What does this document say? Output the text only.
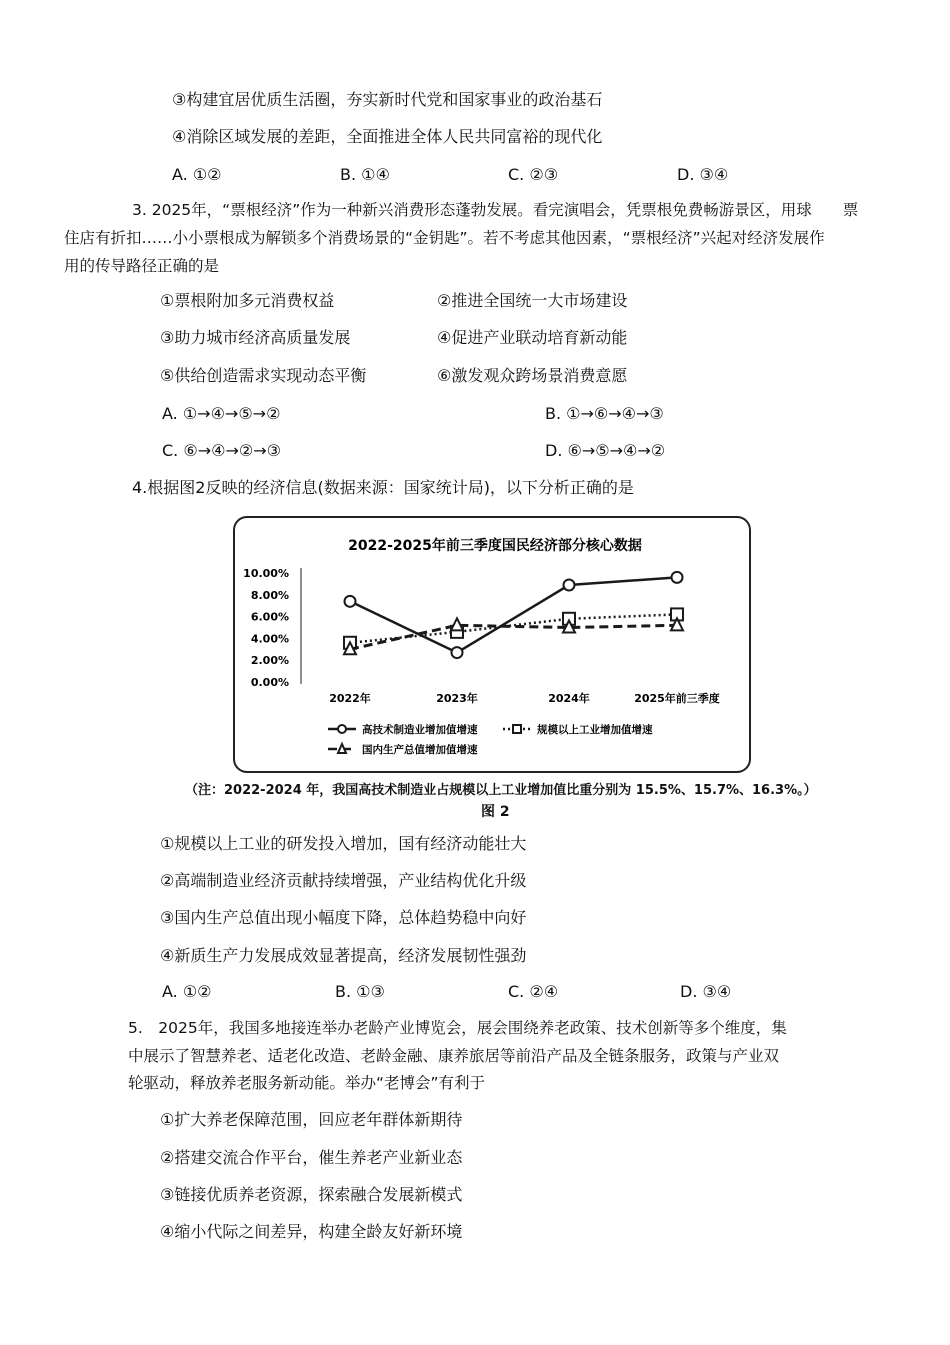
③构建宜居优质生活圈，夯实新时代党和国家事业的政治基石
④消除区域发展的差距，全面推进全体人民共同富裕的现代化
A. ①②	B. ①④	C. ②③	D. ③④
3. 2025年，“票根经济”作为一种新兴消费形态蓬勃发展。看完演唱会，凭票根免费畅游景区，用球　　票
住店有折扣……小小票根成为解锁多个消费场景的“金钥匙”。若不考虑其他因素，“票根经济”兴起对经济发展作
用的传导路径正确的是
①票根附加多元消费权益	②推进全国统一大市场建设
③助力城市经济高质量发展	④促进产业联动培育新动能
⑤供给创造需求实现动态平衡	⑥激发观众跨场景消费意愿
A. ①→④→⑤→②	B. ①→⑥→④→③
C. ⑥→④→②→③	D. ⑥→⑤→④→②
4.根据图2反映的经济信息(数据来源：国家统计局)，以下分析正确的是
2022-2025年前三季度国民经济部分核心数据
10.00%
8.00%
6.00%
4.00%
2.00%
0.00%
2022年	2023年	2024年	2025年前三季度
高技术制造业增加值增速	规模以上工业增加值增速
国内生产总值增加值增速
（注：2022-2024 年，我国高技术制造业占规模以上工业增加值比重分别为 15.5%、15.7%、16.3%。）
图 2
①规模以上工业的研发投入增加，国有经济动能壮大
②高端制造业经济贡献持续增强，产业结构优化升级
③国内生产总值出现小幅度下降，总体趋势稳中向好
④新质生产力发展成效显著提高，经济发展韧性强劲
A. ①②	B. ①③	C. ②④	D. ③④
5.　2025年，我国多地接连举办老龄产业博览会，展会围绕养老政策、技术创新等多个维度，集
中展示了智慧养老、适老化改造、老龄金融、康养旅居等前沿产品及全链条服务，政策与产业双
轮驱动，释放养老服务新动能。举办“老博会”有利于
①扩大养老保障范围，回应老年群体新期待
②搭建交流合作平台，催生养老产业新业态
③链接优质养老资源，探索融合发展新模式
④缩小代际之间差异，构建全龄友好新环境
